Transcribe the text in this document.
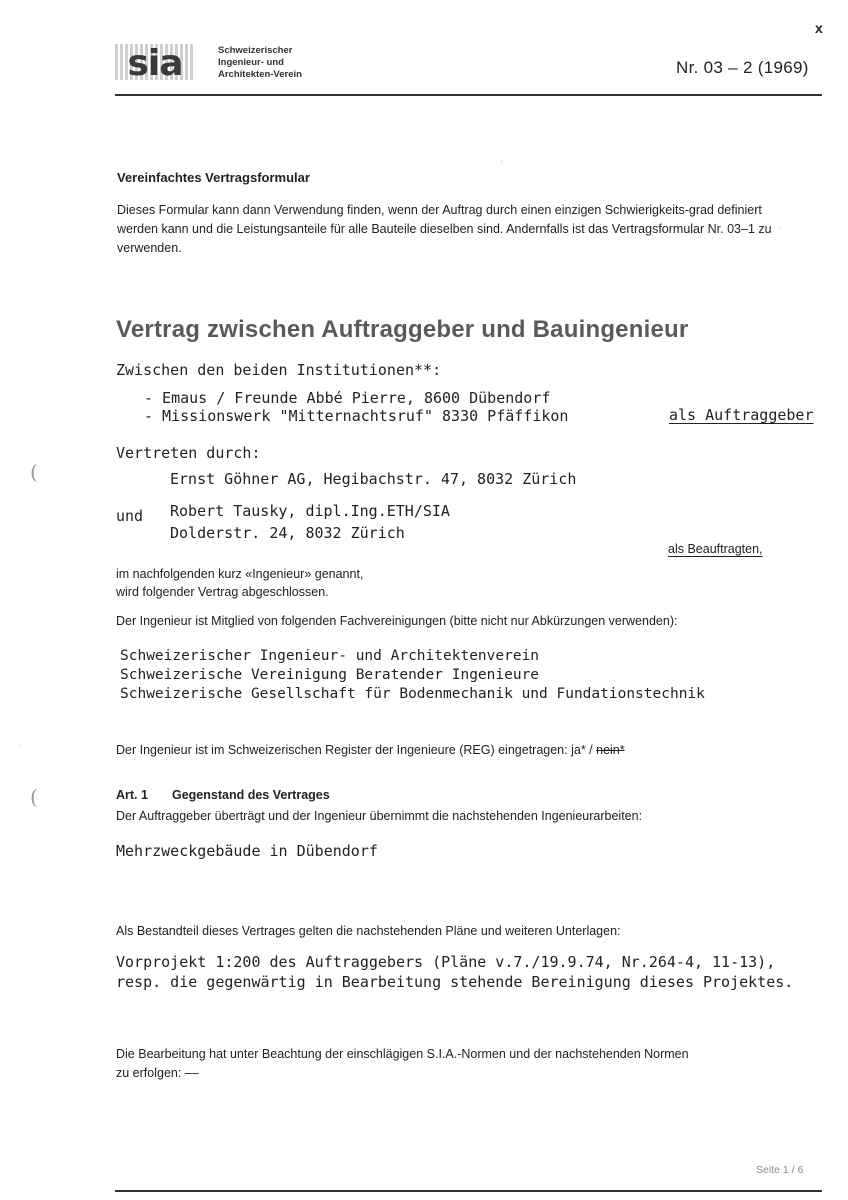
sia	Schweizerischer
Ingenieur- und
Architekten-Verein	Nr. 03 – 2 (1969)
x
Vereinfachtes Vertragsformular
Dieses Formular kann dann Verwendung finden, wenn der Auftrag durch einen einzigen Schwierigkeits-grad definiert werden kann und die Leistungsanteile für alle Bauteile dieselben sind. Andernfalls ist das Vertragsformular Nr. 03–1 zu verwenden.
Vertrag zwischen Auftraggeber und Bauingenieur
Zwischen den beiden Institutionen**:
- Emaus / Freunde Abbé Pierre, 8600 Dübendorf
- Missionswerk "Mitternachtsruf" 8330 Pfäffikon	als Auftraggeber
Vertreten durch:
Ernst Göhner AG, Hegibachstr. 47, 8032 Zürich
und Robert Tausky, dipl.Ing.ETH/SIA
Dolderstr. 24, 8032 Zürich
als Beauftragten,
im nachfolgenden kurz «Ingenieur» genannt,
wird folgender Vertrag abgeschlossen.
Der Ingenieur ist Mitglied von folgenden Fachvereinigungen (bitte nicht nur Abkürzungen verwenden):
Schweizerischer Ingenieur- und Architektenverein
Schweizerische Vereinigung Beratender Ingenieure
Schweizerische Gesellschaft für Bodenmechanik und Fundationstechnik
Der Ingenieur ist im Schweizerischen Register der Ingenieure (REG) eingetragen: ja* / nein*
Art. 1 Gegenstand des Vertrages
Der Auftraggeber überträgt und der Ingenieur übernimmt die nachstehenden Ingenieurarbeiten:
Mehrzweckgebäude in Dübendorf
Als Bestandteil dieses Vertrages gelten die nachstehenden Pläne und weiteren Unterlagen:
Vorprojekt 1:200 des Auftraggebers (Pläne v.7./19.9.74, Nr.264-4, 11-13),
resp. die gegenwärtig in Bearbeitung stehende Bereinigung dieses Projektes.
Die Bearbeitung hat unter Beachtung der einschlägigen S.I.A.-Normen und der nachstehenden Normen
zu erfolgen: ––
(
(
·
·
·
Seite 1 / 6
